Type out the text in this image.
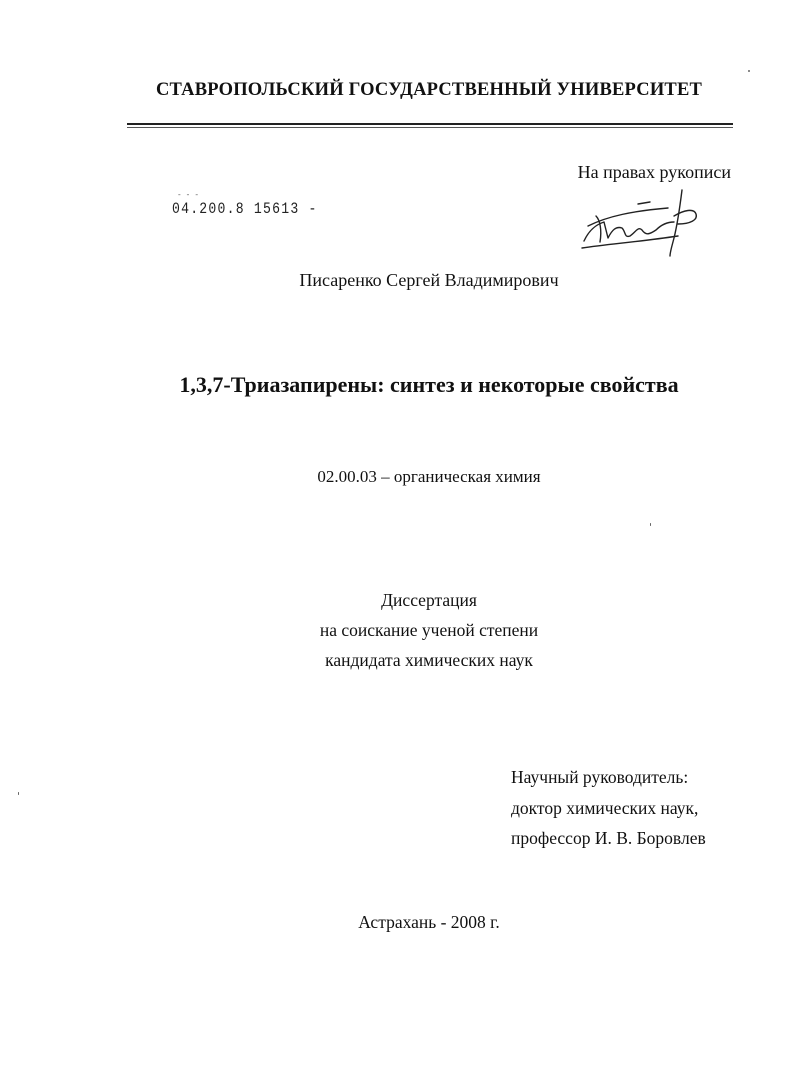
СТАВРОПОЛЬСКИЙ ГОСУДАРСТВЕННЫЙ УНИВЕРСИТЕТ
На правах рукописи
- - -
04.200.8 15613 -
Писаренко Сергей Владимирович
1,3,7-Триазапирены: синтез и некоторые свойства
02.00.03 – органическая химия
Диссертация
на соискание ученой степени
кандидата химических наук
Научный руководитель:
доктор химических наук,
профессор И. В. Боровлев
Астрахань - 2008 г.
